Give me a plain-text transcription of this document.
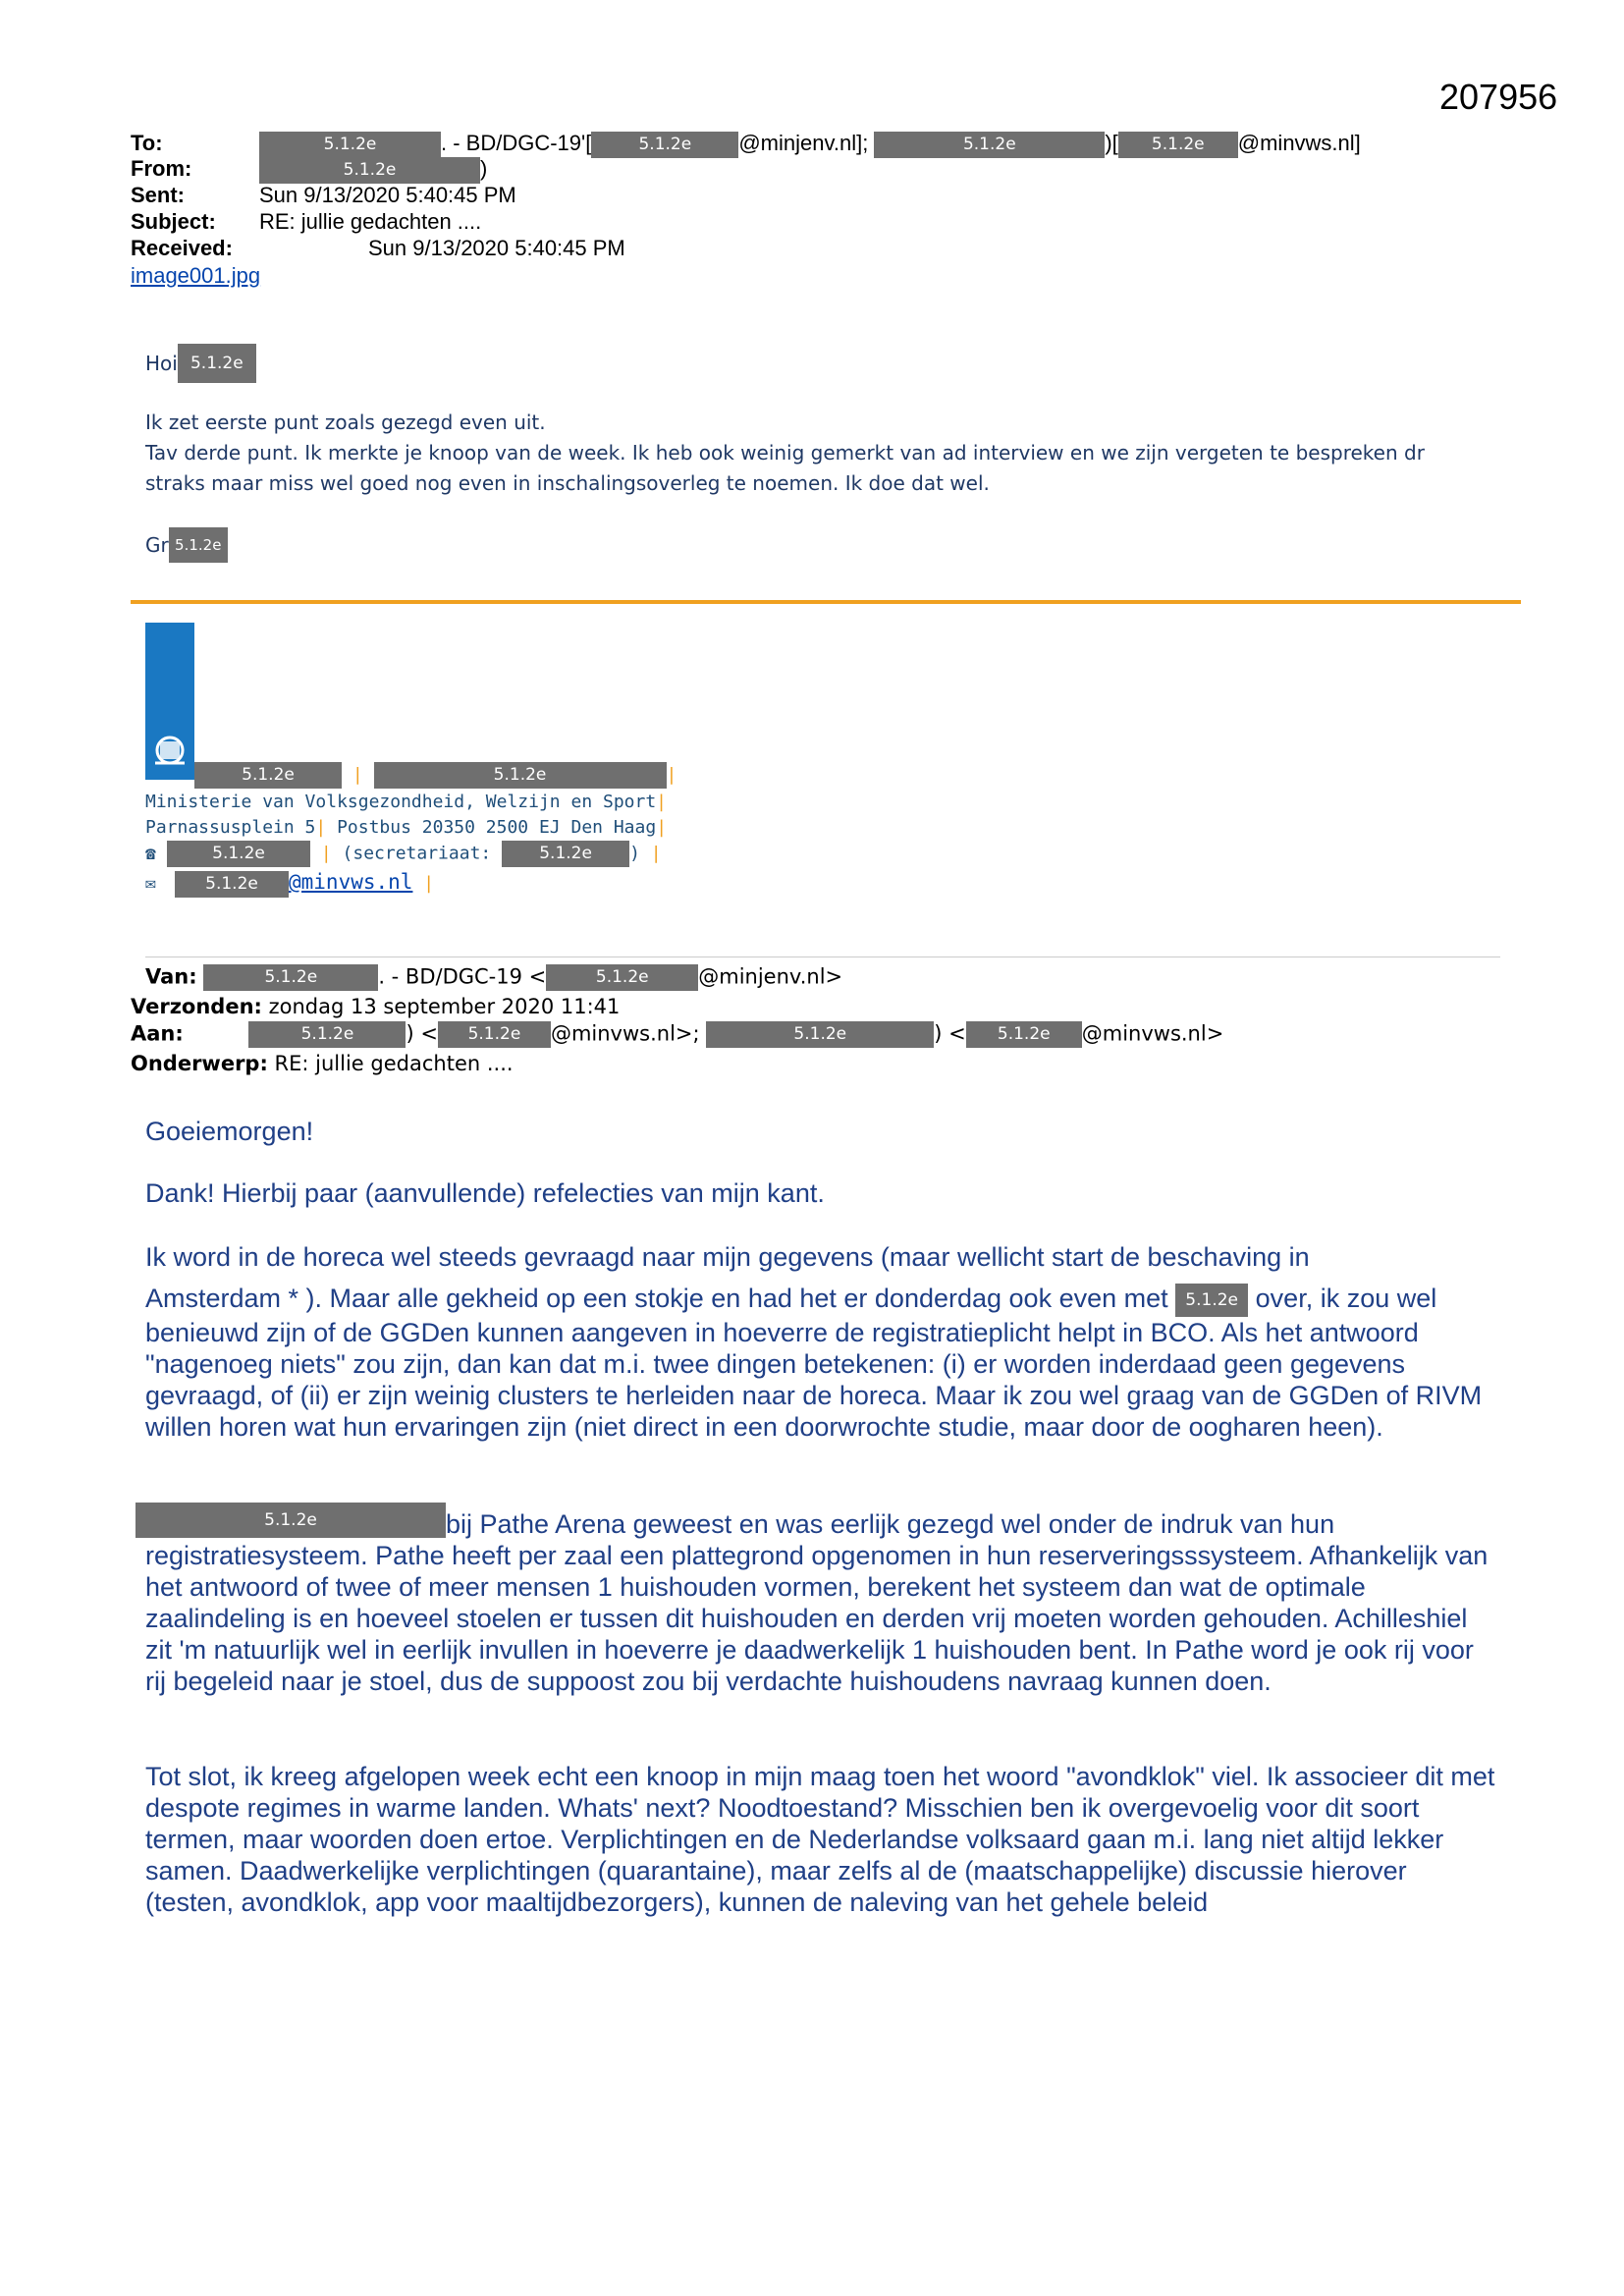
207956
To:	5.1.2e	. - BD/DGC-19'[	5.1.2e @minjenv.nl];	5.1.2e	)[ 5.1.2e @minvws.nl]
From:	5.1.2e	)
Sent:	Sun 9/13/2020 5:40:45 PM
Subject: RE: jullie gedachten ....
Received:	Sun 9/13/2020 5:40:45 PM
image001.jpg
Hoi 5.1.2e
Ik zet eerste punt zoals gezegd even uit.
Tav derde punt. Ik merkte je knoop van de week. Ik heb ook weinig gemerkt van ad interview en we zijn vergeten te bespreken dr
straks maar miss wel goed nog even in inschalingsoverleg te noemen. Ik doe dat wel.
Gr 5.1.2e
5.1.2e	|	5.1.2e	|
Ministerie van Volksgezondheid, Welzijn en Sport|
Parnassusplein 5| Postbus 20350 2500 EJ Den Haag|
☎	5.1.2e	| (secretariaat: 5.1.2e ) |
✉	5.1.2e @minvws.nl |
Van:	5.1.2e	. - BD/DGC-19 <	5.1.2e @minjenv.nl>
Verzonden: zondag 13 september 2020 11:41
Aan:	5.1.2e	) < 5.1.2e @minvws.nl>;	5.1.2e	) < 5.1.2e @minvws.nl>
Onderwerp: RE: jullie gedachten ....
Goeiemorgen!
Dank! Hierbij paar (aanvullende) refelecties van mijn kant.

Ik word in de horeca wel steeds gevraagd naar mijn gegevens (maar wellicht start de beschaving in

Amsterdam * ). Maar alle gekheid op een stokje en had het er donderdag ook even met 5.1.2e over, ik zou wel

benieuwd zijn of de GGDen kunnen aangeven in hoeverre de registratieplicht helpt in BCO. Als het antwoord "nagenoeg niets" zou zijn, dan kan dat m.i. twee dingen betekenen: (i) er worden inderdaad geen gegevens gevraagd, of (ii) er zijn weinig clusters te herleiden naar de horeca. Maar ik zou wel graag van de GGDen of RIVM willen horen wat hun ervaringen zijn (niet direct in een doorwrochte studie, maar door de oogharen heen).

5.1.2e	bij Pathe Arena geweest en was eerlijk gezegd wel onder de indruk van hun

registratiesysteem. Pathe heeft per zaal een plattegrond opgenomen in hun reserveringsssysteem. Afhankelijk van het antwoord of twee of meer mensen 1 huishouden vormen, berekent het systeem dan wat de optimale zaalindeling is en hoeveel stoelen er tussen dit huishouden en derden vrij moeten worden gehouden. Achilleshiel zit 'm natuurlijk wel in eerlijk invullen in hoeverre je daadwerkelijk 1 huishouden bent. In Pathe word je ook rij voor rij begeleid naar je stoel, dus de suppoost zou bij verdachte huishoudens navraag kunnen doen.

Tot slot, ik kreeg afgelopen week echt een knoop in mijn maag toen het woord "avondklok" viel. Ik associeer dit met despote regimes in warme landen. Whats' next? Noodtoestand? Misschien ben ik overgevoelig voor dit soort termen, maar woorden doen ertoe. Verplichtingen en de Nederlandse volksaard gaan m.i. lang niet altijd lekker samen. Daadwerkelijke verplichtingen (quarantaine), maar zelfs al de (maatschappelijke) discussie hierover (testen, avondklok, app voor maaltijdbezorgers), kunnen de naleving van het gehele beleid
